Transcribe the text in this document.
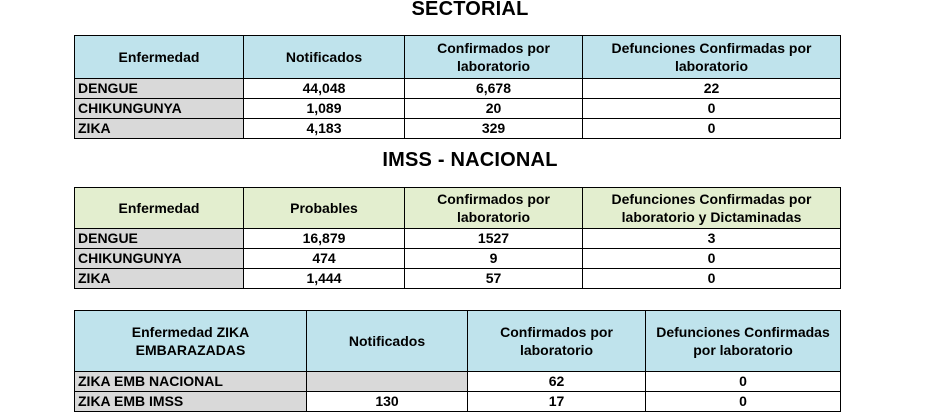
SECTORIAL
Enfermedad	Notificados	Confirmados por laboratorio	Defunciones Confirmadas por laboratorio
DENGUE	44,048	6,678	22
CHIKUNGUNYA	1,089	20	0
ZIKA	4,183	329	0
IMSS - NACIONAL
Enfermedad	Probables	Confirmados por laboratorio	Defunciones Confirmadas por laboratorio y Dictaminadas
DENGUE	16,879	1527	3
CHIKUNGUNYA	474	9	0
ZIKA	1,444	57	0
Enfermedad ZIKA EMBARAZADAS	Notificados	Confirmados por laboratorio	Defunciones Confirmadas por laboratorio
ZIKA EMB NACIONAL		62	0
ZIKA EMB IMSS	130	17	0
